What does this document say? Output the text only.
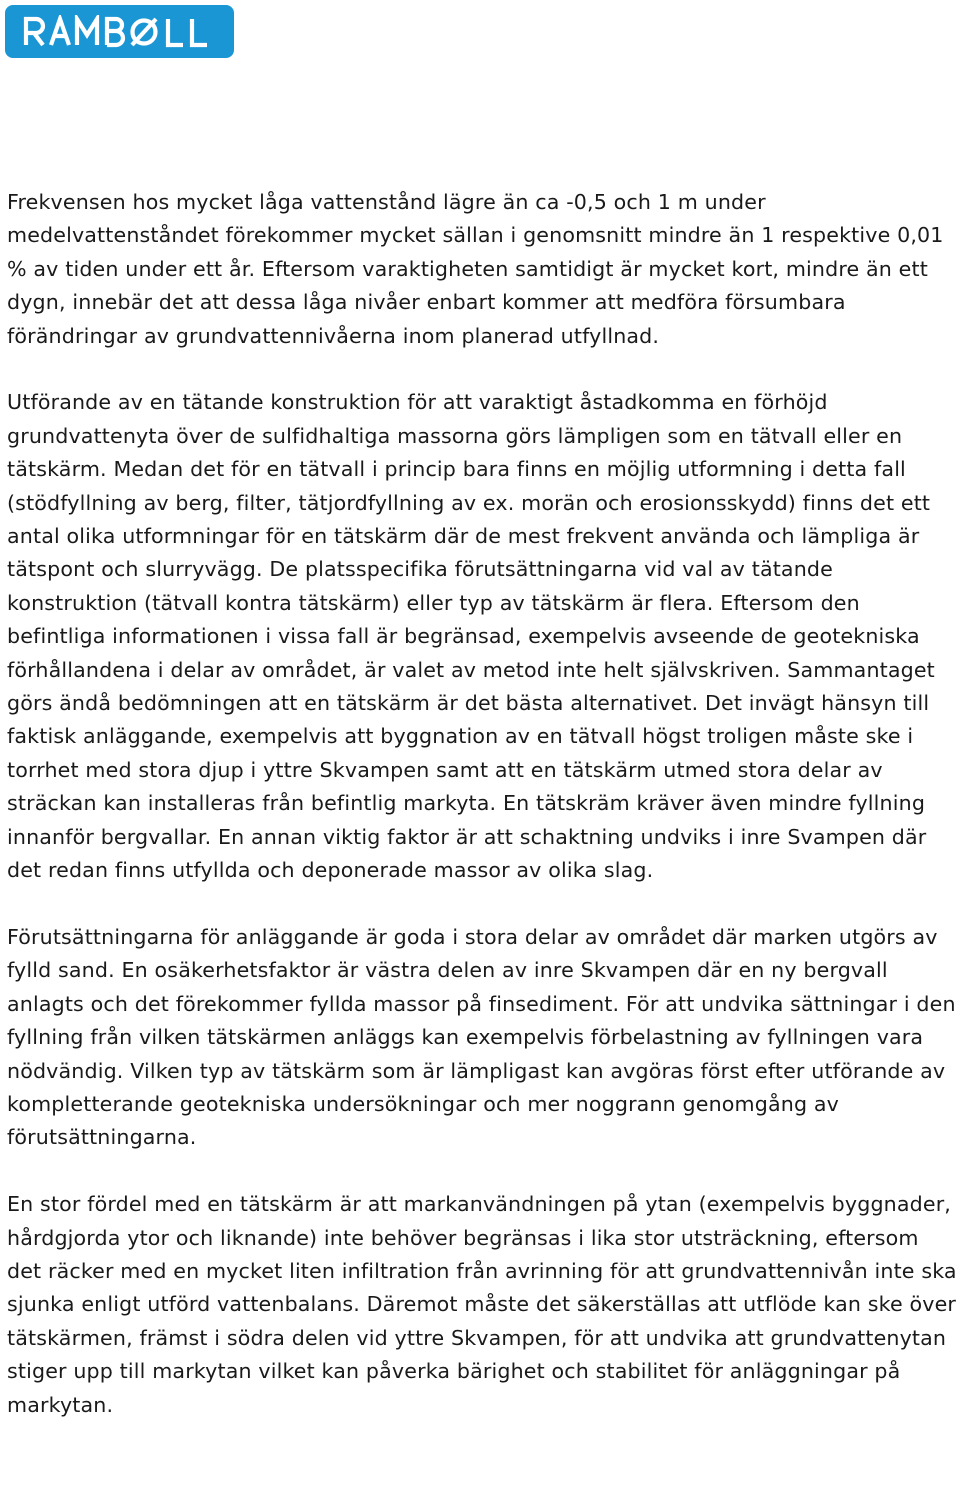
Frekvensen hos mycket låga vattenstånd lägre än ca -0,5 och 1 m under medelvattenståndet förekommer mycket sällan i genomsnitt mindre än 1 respektive 0,01 % av tiden under ett år. Eftersom varaktigheten samtidigt är mycket kort, mindre än ett dygn, innebär det att dessa låga nivåer enbart kommer att medföra försumbara förändringar av grundvattennivåerna inom planerad utfyllnad.

Utförande av en tätande konstruktion för att varaktigt åstadkomma en förhöjd grundvattenyta över de sulfidhaltiga massorna görs lämpligen som en tätvall eller en tätskärm. Medan det för en tätvall i princip bara finns en möjlig utformning i detta fall (stödfyllning av berg, filter, tätjordfyllning av ex. morän och erosionsskydd) finns det ett antal olika utformningar för en tätskärm där de mest frekvent använda och lämpliga är tätspont och slurryvägg. De platsspecifika förutsättningarna vid val av tätande konstruktion (tätvall kontra tätskärm) eller typ av tätskärm är flera. Eftersom den befintliga informationen i vissa fall är begränsad, exempelvis avseende de geotekniska förhållandena i delar av området, är valet av metod inte helt självskriven. Sammantaget görs ändå bedömningen att en tätskärm är det bästa alternativet. Det invägt hänsyn till faktisk anläggande, exempelvis att byggnation av en tätvall högst troligen måste ske i torrhet med stora djup i yttre Skvampen samt att en tätskärm utmed stora delar av sträckan kan installeras från befintlig markyta. En tätskräm kräver även mindre fyllning innanför bergvallar. En annan viktig faktor är att schaktning undviks i inre Svampen där det redan finns utfyllda och deponerade massor av olika slag.

Förutsättningarna för anläggande är goda i stora delar av området där marken utgörs av fylld sand. En osäkerhetsfaktor är västra delen av inre Skvampen där en ny bergvall anlagts och det förekommer fyllda massor på finsediment. För att undvika sättningar i den fyllning från vilken tätskärmen anläggs kan exempelvis förbelastning av fyllningen vara nödvändig. Vilken typ av tätskärm som är lämpligast kan avgöras först efter utförande av kompletterande geotekniska undersökningar och mer noggrann genomgång av förutsättningarna.

En stor fördel med en tätskärm är att markanvändningen på ytan (exempelvis byggnader, hårdgjorda ytor och liknande) inte behöver begränsas i lika stor utsträckning, eftersom det räcker med en mycket liten infiltration från avrinning för att grundvattennivån inte ska sjunka enligt utförd vattenbalans. Däremot måste det säkerställas att utflöde kan ske över tätskärmen, främst i södra delen vid yttre Skvampen, för att undvika att grundvattenytan stiger upp till markytan vilket kan påverka bärighet och stabilitet för anläggningar på markytan.
